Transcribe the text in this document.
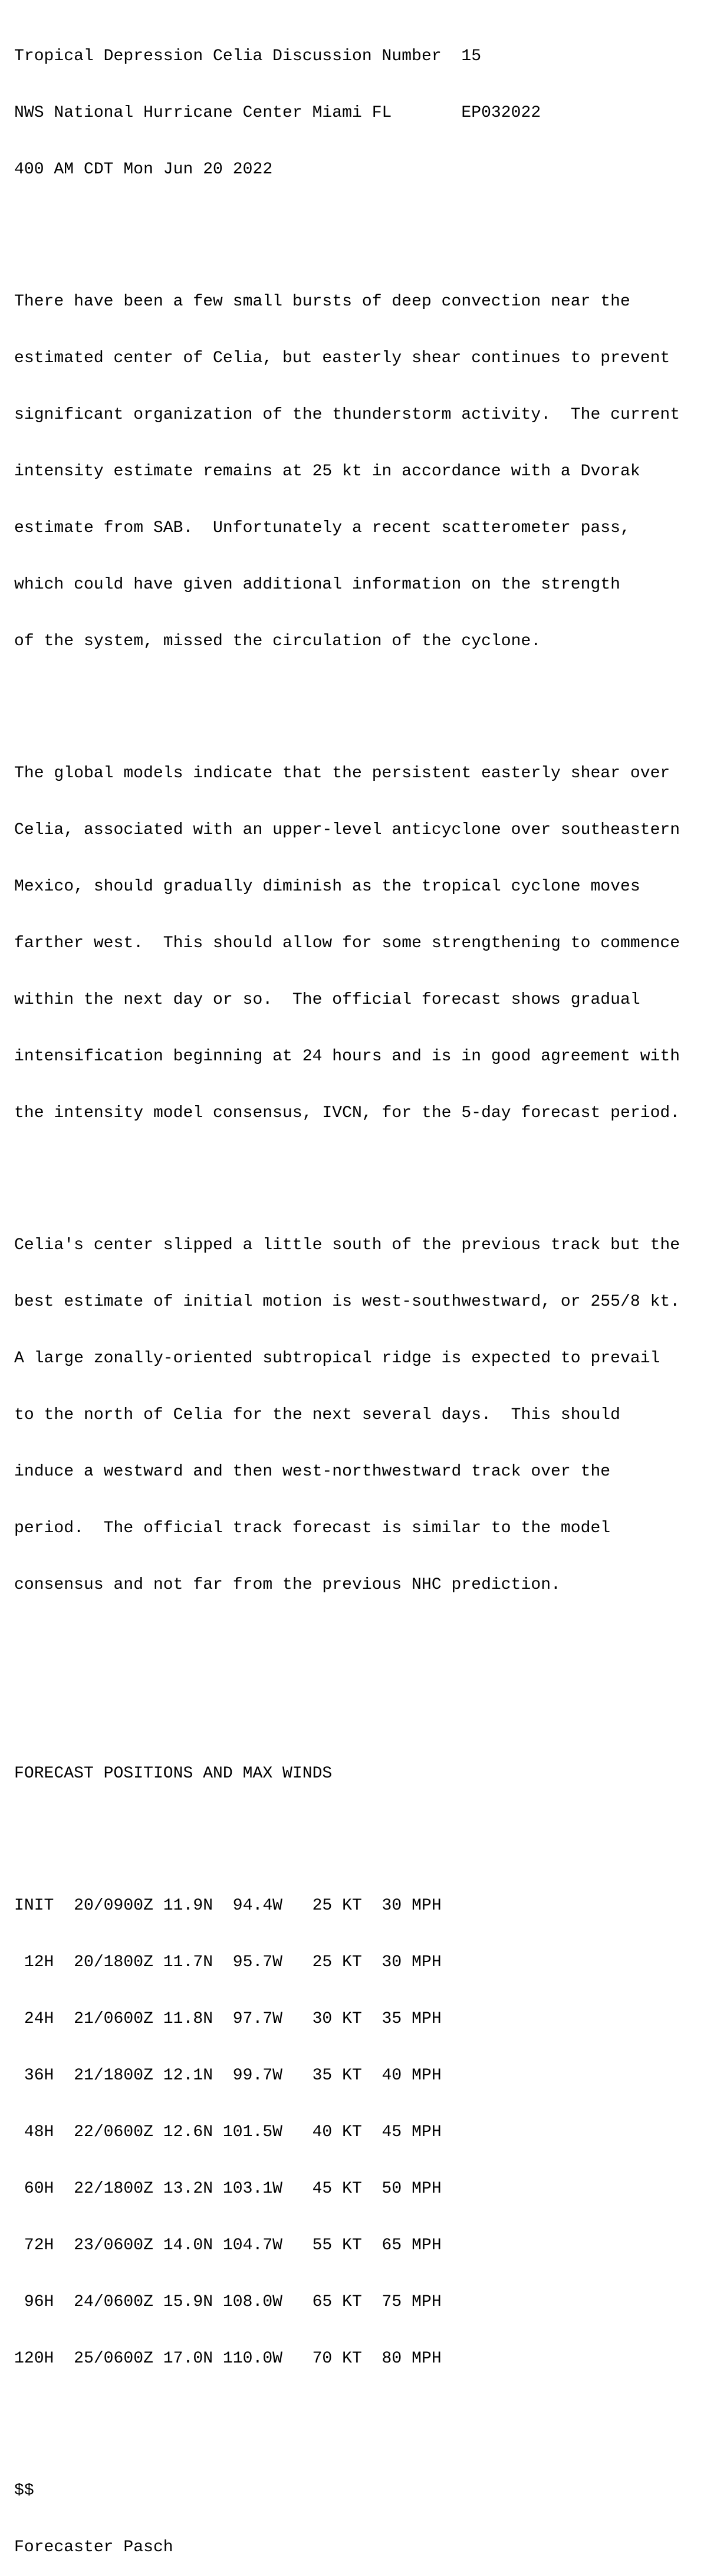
Tropical Depression Celia Discussion Number  15

NWS National Hurricane Center Miami FL       EP032022

400 AM CDT Mon Jun 20 2022

There have been a few small bursts of deep convection near the

estimated center of Celia, but easterly shear continues to prevent

significant organization of the thunderstorm activity.  The current

intensity estimate remains at 25 kt in accordance with a Dvorak

estimate from SAB.  Unfortunately a recent scatterometer pass,

which could have given additional information on the strength

of the system, missed the circulation of the cyclone.

The global models indicate that the persistent easterly shear over

Celia, associated with an upper-level anticyclone over southeastern

Mexico, should gradually diminish as the tropical cyclone moves

farther west.  This should allow for some strengthening to commence

within the next day or so.  The official forecast shows gradual

intensification beginning at 24 hours and is in good agreement with

the intensity model consensus, IVCN, for the 5-day forecast period.

Celia's center slipped a little south of the previous track but the

best estimate of initial motion is west-southwestward, or 255/8 kt.

A large zonally-oriented subtropical ridge is expected to prevail

to the north of Celia for the next several days.  This should

induce a westward and then west-northwestward track over the

period.  The official track forecast is similar to the model

consensus and not far from the previous NHC prediction.

FORECAST POSITIONS AND MAX WINDS

INIT  20/0900Z 11.9N  94.4W   25 KT  30 MPH

12H  20/1800Z 11.7N  95.7W   25 KT  30 MPH

24H  21/0600Z 11.8N  97.7W   30 KT  35 MPH

36H  21/1800Z 12.1N  99.7W   35 KT  40 MPH

48H  22/0600Z 12.6N 101.5W   40 KT  45 MPH

60H  22/1800Z 13.2N 103.1W   45 KT  50 MPH

72H  23/0600Z 14.0N 104.7W   55 KT  65 MPH

96H  24/0600Z 15.9N 108.0W   65 KT  75 MPH

120H  25/0600Z 17.0N 110.0W   70 KT  80 MPH

$$

Forecaster Pasch
